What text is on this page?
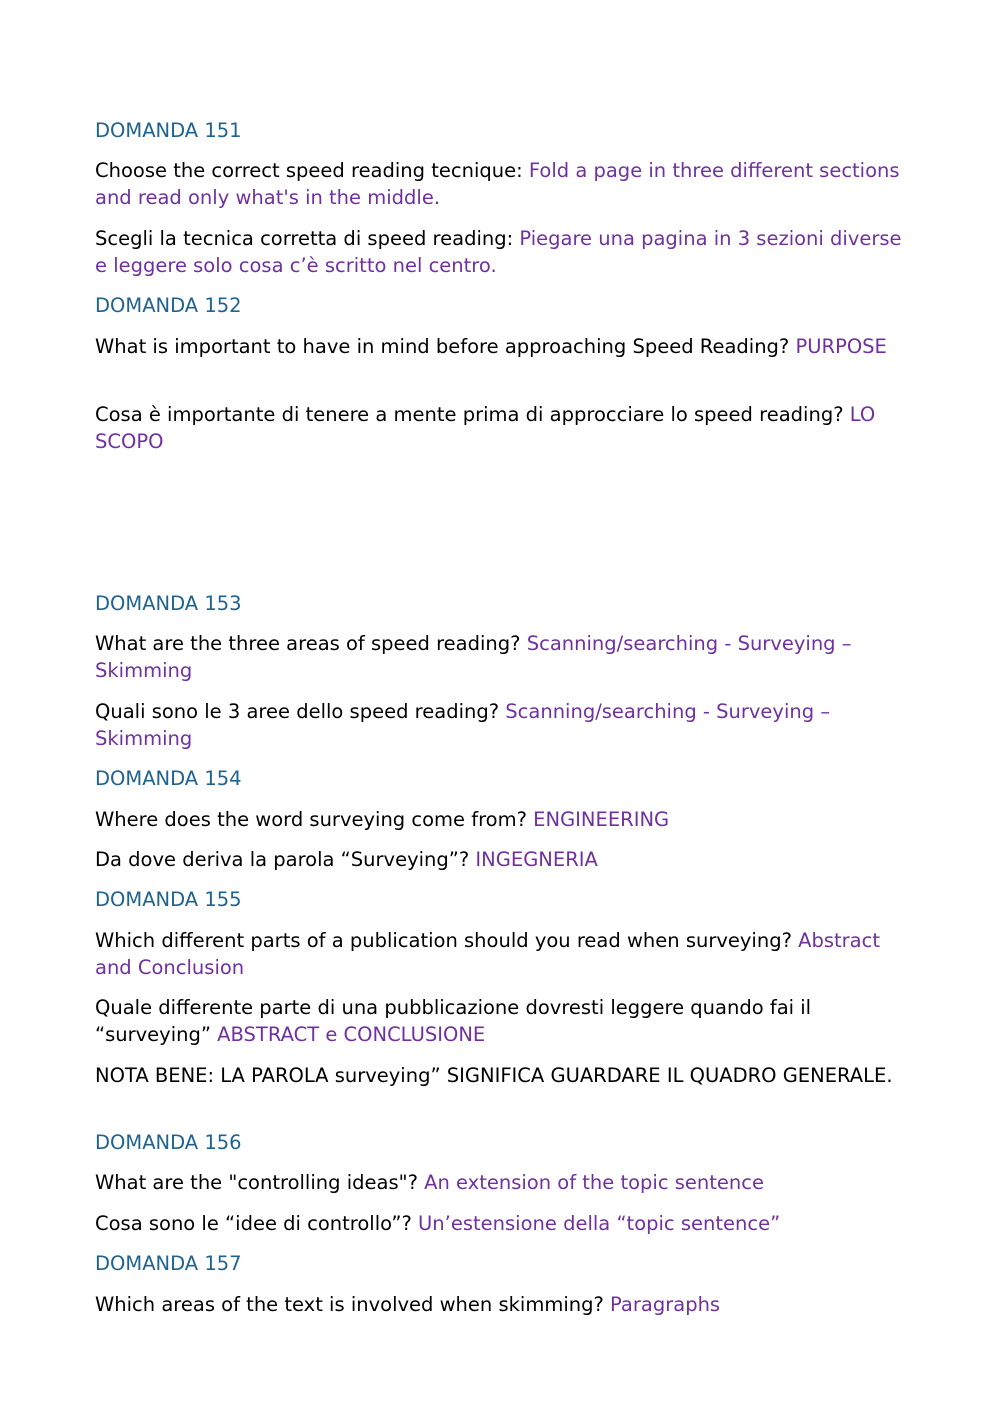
DOMANDA 151

Choose the correct speed reading tecnique: Fold a page in three different sections and read only what's in the middle.

Scegli la tecnica corretta di speed reading: Piegare una pagina in 3 sezioni diverse e leggere solo cosa c’è scritto nel centro.

DOMANDA 152

What is important to have in mind before approaching Speed Reading? PURPOSE

Cosa è importante di tenere a mente prima di approcciare lo speed reading? LO SCOPO

DOMANDA 153

What are the three areas of speed reading? Scanning/searching - Surveying – Skimming

Quali sono le 3 aree dello speed reading? Scanning/searching - Surveying – Skimming

DOMANDA 154

Where does the word surveying come from? ENGINEERING

Da dove deriva la parola “Surveying”? INGEGNERIA

DOMANDA 155

Which different parts of a publication should you read when surveying? Abstract and Conclusion

Quale differente parte di una pubblicazione dovresti leggere quando fai il “surveying” ABSTRACT e CONCLUSIONE

NOTA BENE: LA PAROLA surveying” SIGNIFICA GUARDARE IL QUADRO GENERALE.

DOMANDA 156

What are the "controlling ideas"? An extension of the topic sentence

Cosa sono le “idee di controllo”? Un’estensione della “topic sentence”

DOMANDA 157

Which areas of the text is involved when skimming? Paragraphs
